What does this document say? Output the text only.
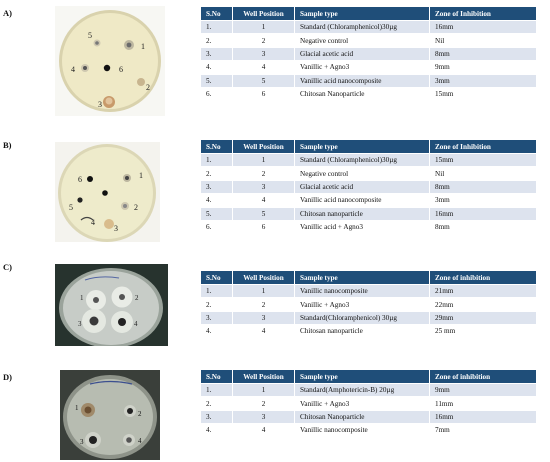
A)
1
2
3
4
5
6
S.No	Well Position	Sample type	Zone of Inhibition
1.	1	Standard (Chloramphenicol)30µg	16mm
2.	2	Negative control	Nil
3.	3	Glacial acetic acid	8mm
4.	4	Vanillic + Agno3	9mm
5.	5	Vanillic acid nanocomposite	3mm
6.	6	Chitosan Nanoparticle	15mm
B)
1
2
3
4
5
6
S.No	Well Position	Sample type	Zone of Inhibition
1.	1	Standard (Chloramphenicol)30µg	15mm
2.	2	Negative control	Nil
3.	3	Glacial acetic acid	8mm
4.	4	Vanillic acid nanocomposite	3mm
5.	5	Chitosan nanoparticle	16mm
6.	6	Vanillic acid + Agno3	8mm
C)
1	2
3	4
S.No	Well Position	Sample type	Zone of inhibition
1.	1	Vanillic nanocomposite	21mm
2.	2	Vanillic + Agno3	22mm
3.	3	Standard(Chloramphenicol) 30µg	29mm
4.	4	Chitosan nanoparticle	25 mm
D)
1
2
3	4
S.No	Well Position	Sample type	Zone of inhibition
1.	1	Standard(Amphotericin-B) 20µg	9mm
2.	2	Vanillic + Agno3	11mm
3.	3	Chitosan Nanoparticle	16mm
4.	4	Vanillic nanocomposite	7mm
